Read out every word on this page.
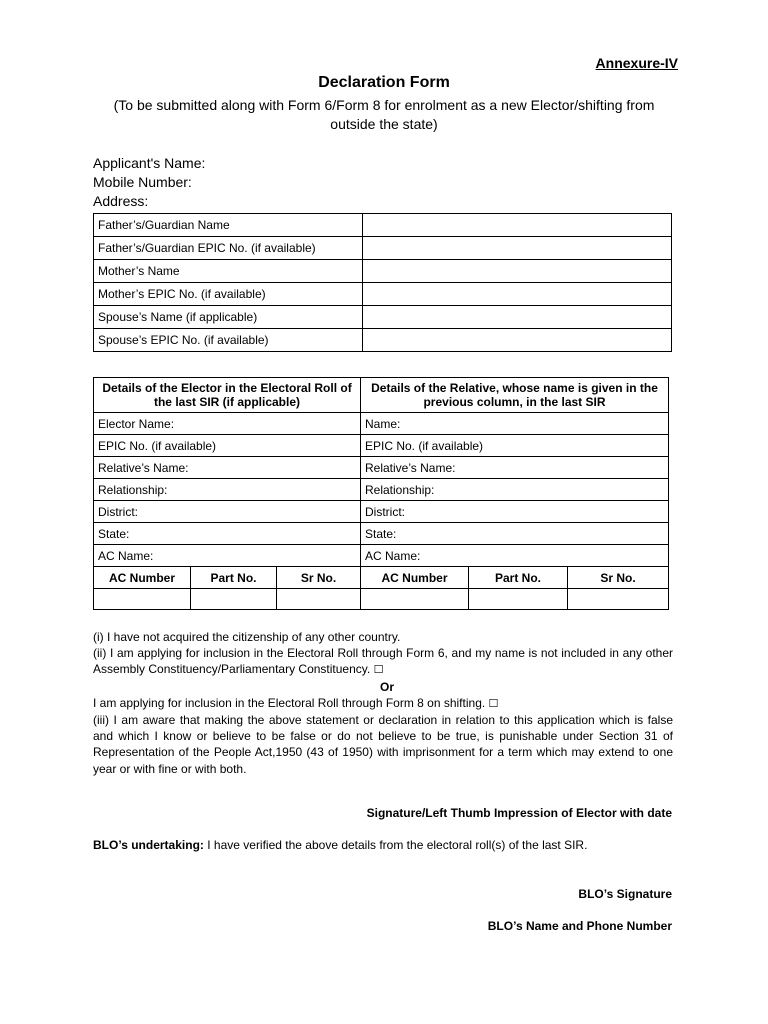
Annexure-IV
Declaration Form
(To be submitted along with Form 6/Form 8 for enrolment as a new Elector/shifting from outside the state)
Applicant's Name:
Mobile Number:
Address:
Father’s/Guardian Name	
Father’s/Guardian EPIC No. (if available)	
Mother’s Name	
Mother’s EPIC No. (if available)	
Spouse’s Name (if applicable)	
Spouse’s EPIC No. (if available)	
Details of the Elector in the Electoral Roll of the last SIR (if applicable)			Details of the Relative, whose name is given in the previous column, in the last SIR		
Elector Name:			Name:		
EPIC No. (if available)			EPIC No. (if available)		
Relative’s Name:			Relative’s Name:		
Relationship:			Relationship:		
District:			District:		
State:			State:		
AC Name:			AC Name:		
AC Number	Part No.	Sr No.	AC Number	Part No.	Sr No.

(i) I have not acquired the citizenship of any other country.

(ii) I am applying for inclusion in the Electoral Roll through Form 6, and my name is not included in any other Assembly Constituency/Parliamentary Constituency. ☐

Or

I am applying for inclusion in the Electoral Roll through Form 8 on shifting. ☐

(iii) I am aware that making the above statement or declaration in relation to this application which is false and which I know or believe to be false or do not believe to be true, is punishable under Section 31 of Representation of the People Act,1950 (43 of 1950) with imprisonment for a term which may extend to one year or with fine or with both.

Signature/Left Thumb Impression of Elector with date
BLO’s undertaking: I have verified the above details from the electoral roll(s) of the last SIR.
BLO’s Signature
BLO’s Name and Phone Number
